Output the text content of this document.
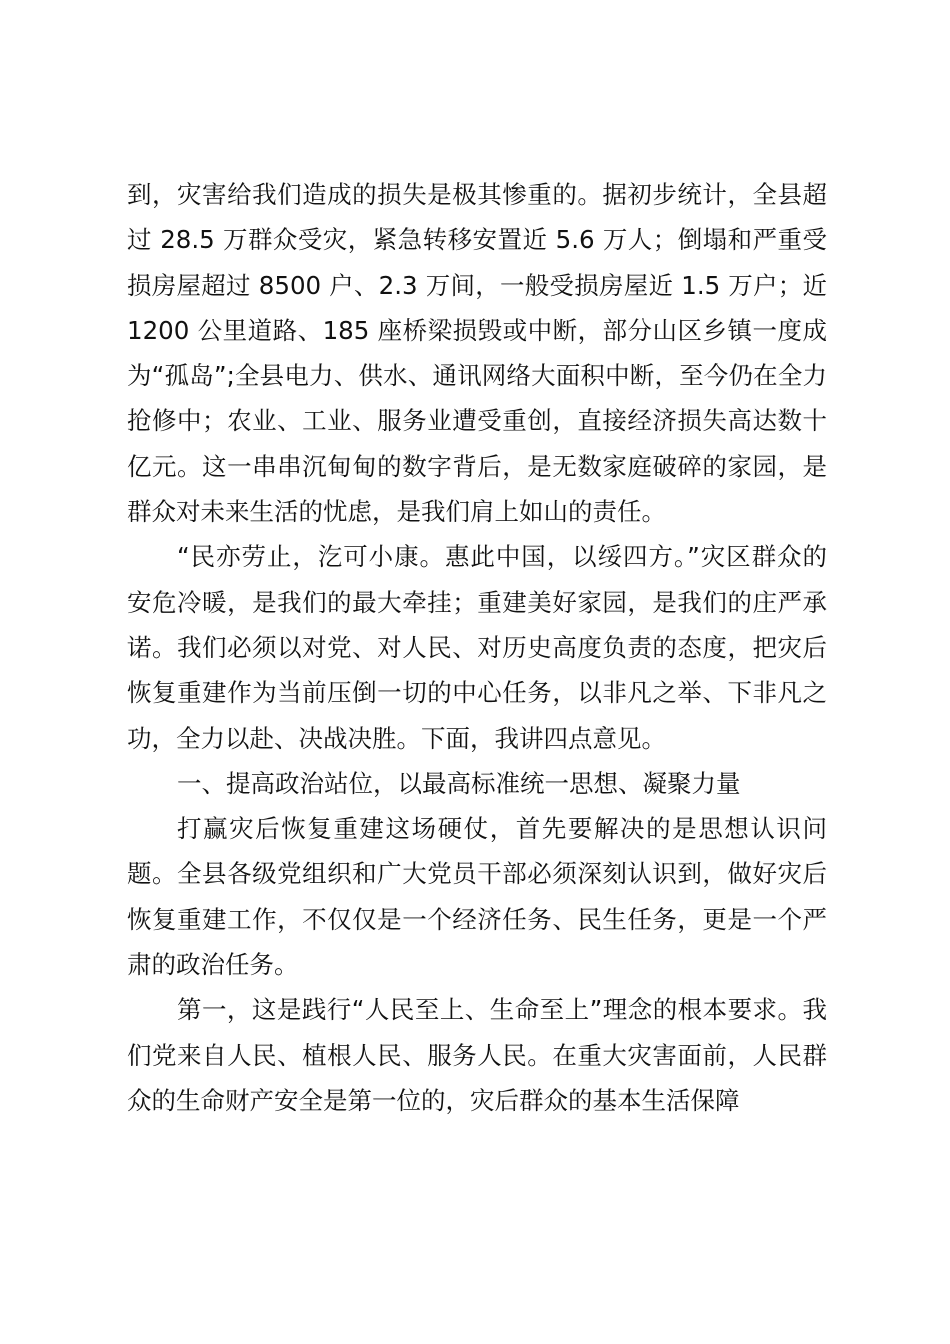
到，灾害给我们造成的损失是极其惨重的。据初步统计，全县超过 28.5 万群众受灾，紧急转移安置近 5.6 万人；倒塌和严重受损房屋超过 8500 户、2.3 万间，一般受损房屋近 1.5 万户；近 1200 公里道路、185 座桥梁损毁或中断，部分山区乡镇一度成为“孤岛”;全县电力、供水、通讯网络大面积中断，至今仍在全力抢修中；农业、工业、服务业遭受重创，直接经济损失高达数十亿元。这一串串沉甸甸的数字背后，是无数家庭破碎的家园，是群众对未来生活的忧虑，是我们肩上如山的责任。

“民亦劳止，汔可小康。惠此中国，以绥四方。”灾区群众的安危冷暖，是我们的最大牵挂；重建美好家园，是我们的庄严承诺。我们必须以对党、对人民、对历史高度负责的态度，把灾后恢复重建作为当前压倒一切的中心任务，以非凡之举、下非凡之功，全力以赴、决战决胜。下面，我讲四点意见。

一、提高政治站位，以最高标准统一思想、凝聚力量

打赢灾后恢复重建这场硬仗，首先要解决的是思想认识问题。全县各级党组织和广大党员干部必须深刻认识到，做好灾后恢复重建工作，不仅仅是一个经济任务、民生任务，更是一个严肃的政治任务。

第一，这是践行“人民至上、生命至上”理念的根本要求。我们党来自人民、植根人民、服务人民。在重大灾害面前，人民群众的生命财产安全是第一位的，灾后群众的基本生活保障
